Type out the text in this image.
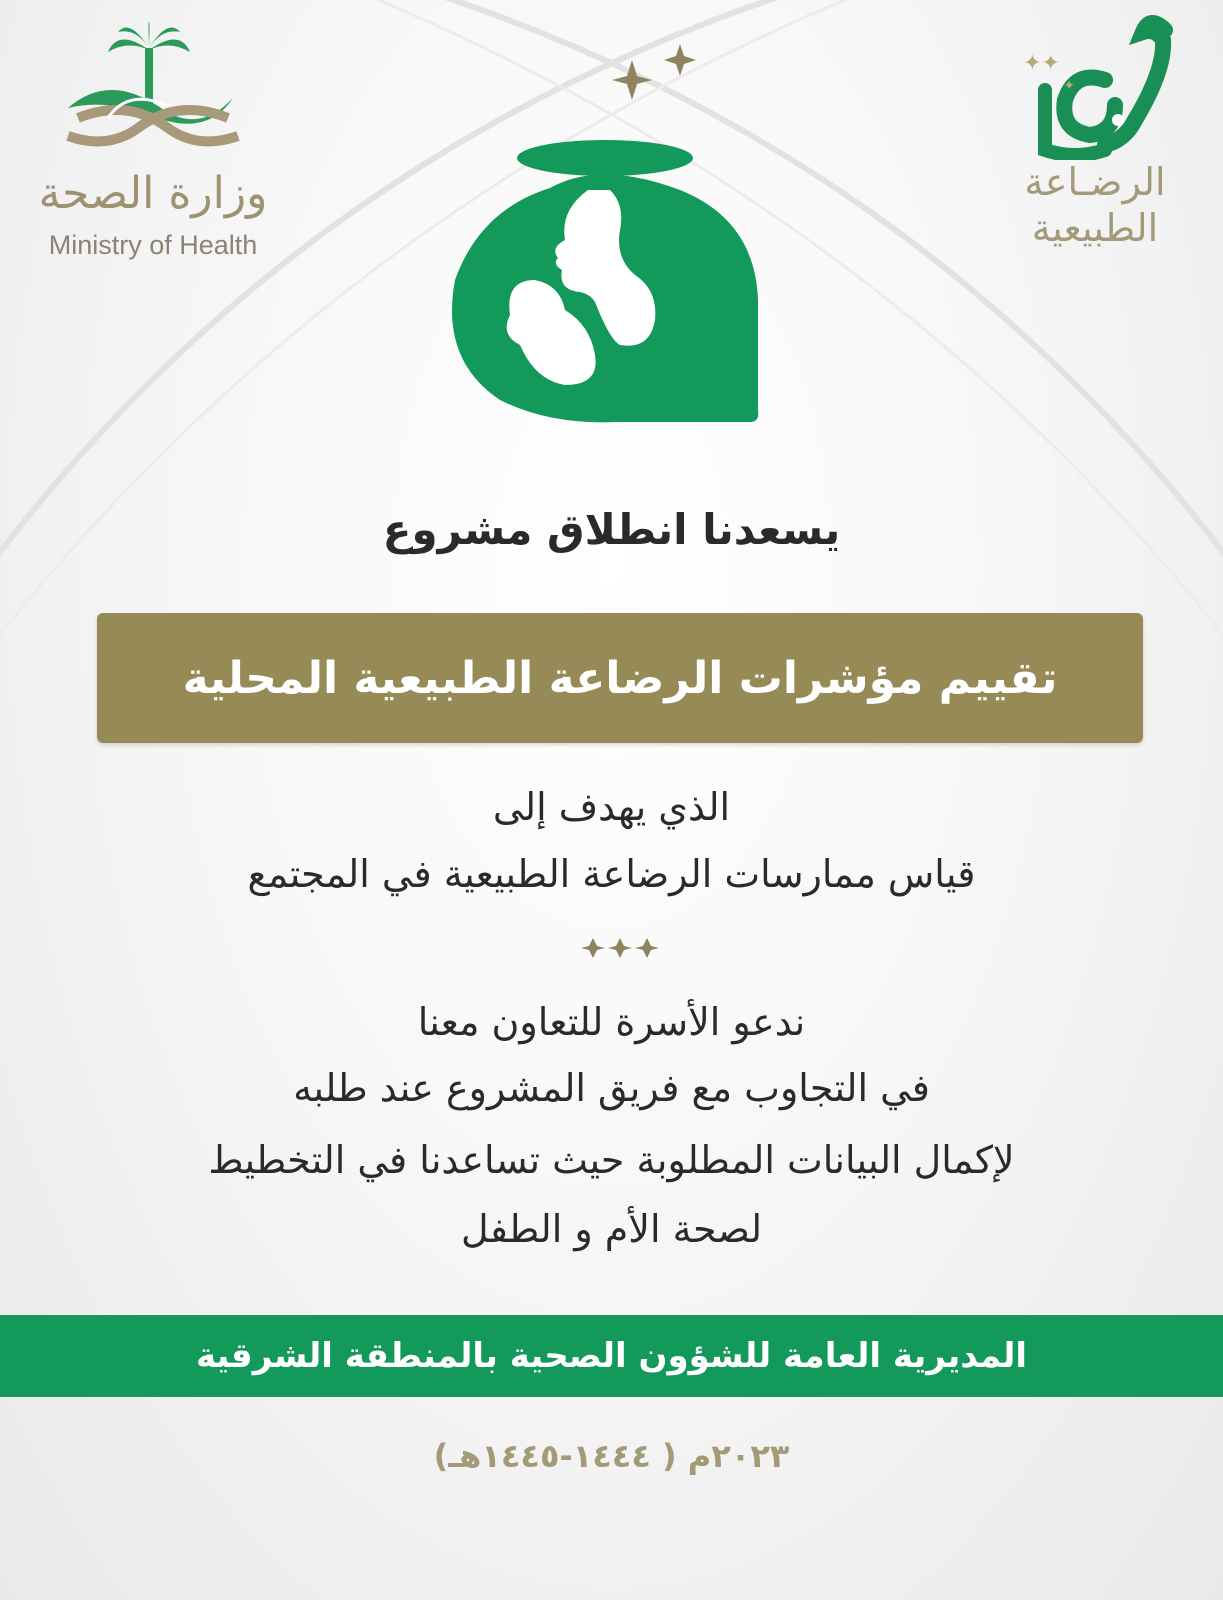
وزارة الصحة
Ministry of Health
✦✦
✦
الرضـاعة
الطبيعية
يسعدنا انطلاق مشروع
تقييم مؤشرات الرضاعة الطبيعية المحلية
الذي يهدف إلى
قياس ممارسات الرضاعة الطبيعية في المجتمع
ندعو الأسرة للتعاون معنا
في التجاوب مع فريق المشروع عند طلبه
لإكمال البيانات المطلوبة حيث تساعدنا في التخطيط
لصحة الأم و الطفل
المديرية العامة للشؤون الصحية بالمنطقة الشرقية
٢٠٢٣م ( ١٤٤٤-١٤٤٥هـ)
